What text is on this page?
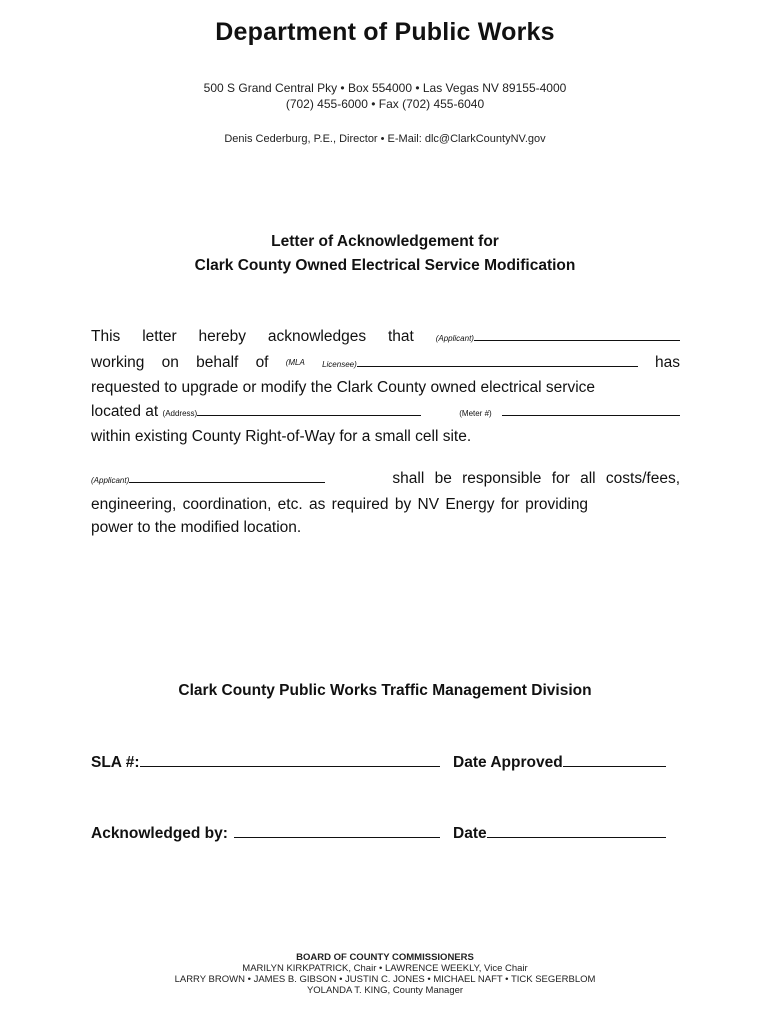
Department of Public Works
500 S Grand Central Pky • Box 554000 • Las Vegas NV 89155-4000
(702) 455-6000 • Fax (702) 455-6040
Denis Cederburg, P.E., Director • E-Mail: dlc@ClarkCountyNV.gov
Letter of Acknowledgement for
Clark County Owned Electrical Service Modification
This letter hereby acknowledges that	(Applicant)
working on behalf of (MLA Licensee)	has
requested to upgrade or modify the Clark County owned electrical service
located at (Address)	(Meter #)
within existing County Right-of-Way for a small cell site.
(Applicant)	shall be responsible for all costs/fees,
engineering, coordination, etc. as required by NV Energy for providing
power to the modified location.
Clark County Public Works Traffic Management Division
SLA #:	Date Approved
Acknowledged by:	Date
BOARD OF COUNTY COMMISSIONERS
MARILYN KIRKPATRICK, Chair • LAWRENCE WEEKLY, Vice Chair
LARRY BROWN • JAMES B. GIBSON • JUSTIN C. JONES • MICHAEL NAFT • TICK SEGERBLOM
YOLANDA T. KING, County Manager
